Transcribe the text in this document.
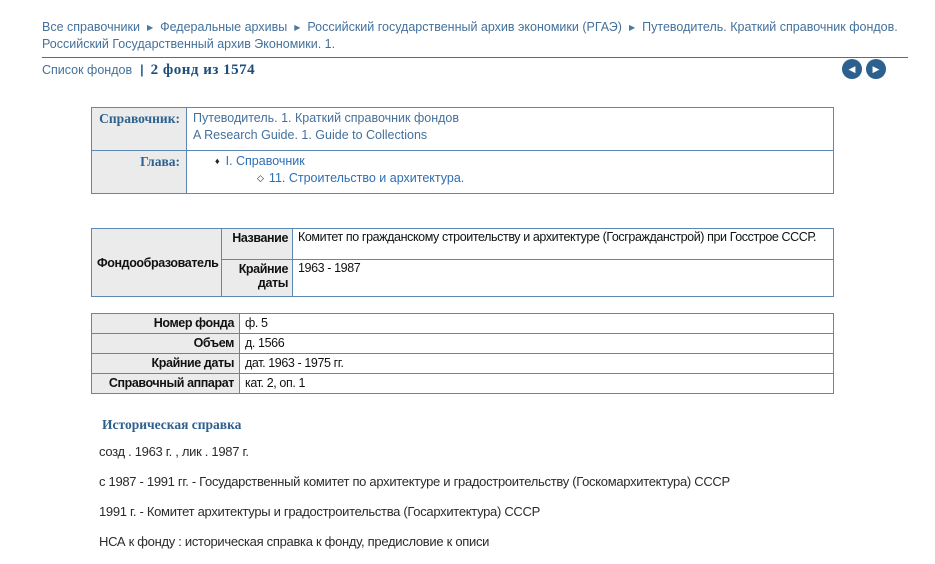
Все справочники ▶ Федеральные архивы ▶ Российский государственный архив экономики (РГАЭ) ▶ Путеводитель. Краткий справочник фондов. Российский Государственный архив Экономики. 1.
Список фондов | 2 фонд из 1574	◀ ▶
Справочник:	Путеводитель. 1. Краткий справочник фондов
A Research Guide. 1. Guide to Collections

Глава:	♦ I. Справочник
◇ 11. Строительство и архитектура.
Фондообразователь	Название	Комитет по гражданскому строительству и архитектуре (Госгражданстрой) при Госстрое СССР.
	Крайние даты	1963 - 1987
Номер фонда	ф. 5
Объем	д. 1566
Крайние даты	дат. 1963 - 1975 гг.
Справочный аппарат	кат. 2, оп. 1
Историческая справка

созд . 1963 г. , лик . 1987 г.

с 1987 - 1991 гг. - Государственный комитет по архитектуре и градостроительству (Госкомархитектура) СССР

1991 г. - Комитет архитектуры и градостроительства (Госархитектура) СССР

НСА к фонду : историческая справка к фонду, предисловие к описи
